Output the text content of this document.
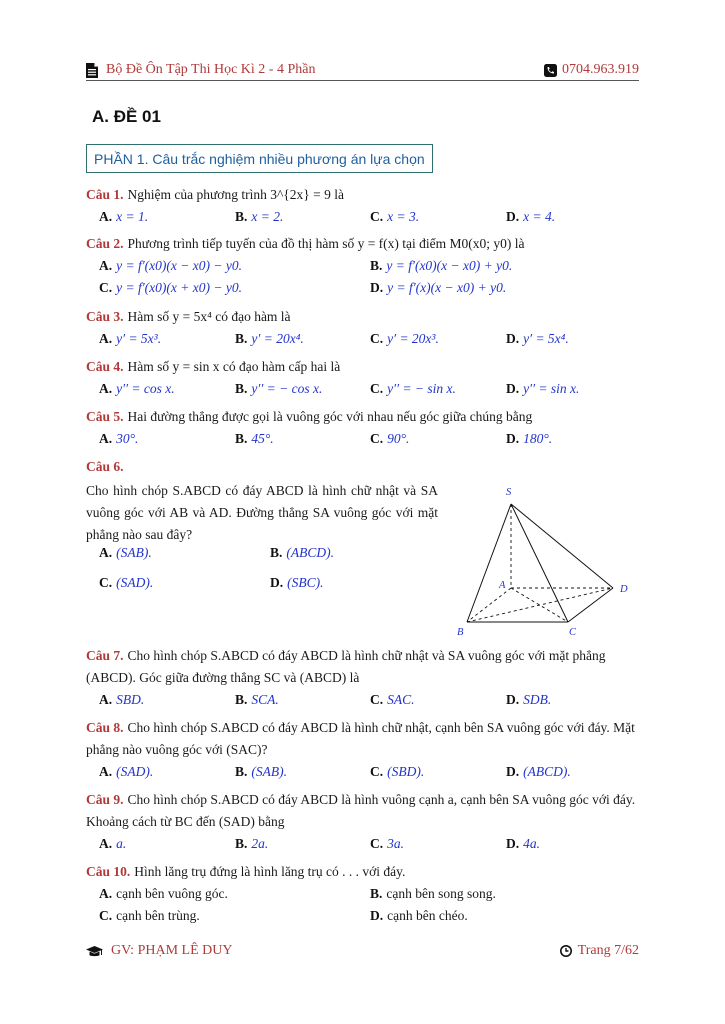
Bộ Đề Ôn Tập Thi Học Kì 2 - 4 Phần	0704.963.919
A. ĐỀ 01
PHẦN 1. Câu trắc nghiệm nhiều phương án lựa chọn
Câu 1. Nghiệm của phương trình 3^{2x} = 9 là
A. x = 1.	B. x = 2.	C. x = 3.	D. x = 4.
Câu 2. Phương trình tiếp tuyến của đồ thị hàm số y = f(x) tại điểm M0(x0; y0) là
A. y = f′(x0)(x − x0) − y0.	B. y = f′(x0)(x − x0) + y0.
C. y = f′(x0)(x + x0) − y0.	D. y = f′(x)(x − x0) + y0.
Câu 3. Hàm số y = 5x⁴ có đạo hàm là
A. y′ = 5x³.	B. y′ = 20x⁴.	C. y′ = 20x³.	D. y′ = 5x⁴.
Câu 4. Hàm số y = sin x có đạo hàm cấp hai là
A. y′′ = cos x.	B. y′′ = − cos x.	C. y′′ = − sin x.	D. y′′ = sin x.
Câu 5. Hai đường thẳng được gọi là vuông góc với nhau nếu góc giữa chúng bằng
A. 30°.	B. 45°.	C. 90°.	D. 180°.
Câu 6.
Cho hình chóp S.ABCD có đáy ABCD là hình chữ nhật và SA vuông góc với AB và AD. Đường thẳng SA vuông góc với mặt phẳng nào sau đây?
A. (SAB).	B. (ABCD).
C. (SAD).	D. (SBC).
S
A
B	C
D
Câu 7. Cho hình chóp S.ABCD có đáy ABCD là hình chữ nhật và SA vuông góc với mặt phẳng (ABCD). Góc giữa đường thẳng SC và (ABCD) là
A. SBD.	B. SCA.	C. SAC.	D. SDB.
Câu 8. Cho hình chóp S.ABCD có đáy ABCD là hình chữ nhật, cạnh bên SA vuông góc với đáy. Mặt phẳng nào vuông góc với (SAC)?
A. (SAD).	B. (SAB).	C. (SBD).	D. (ABCD).
Câu 9. Cho hình chóp S.ABCD có đáy ABCD là hình vuông cạnh a, cạnh bên SA vuông góc với đáy. Khoảng cách từ BC đến (SAD) bằng
A. a.	B. 2a.	C. 3a.	D. 4a.
Câu 10. Hình lăng trụ đứng là hình lăng trụ có . . . với đáy.
A. cạnh bên vuông góc.	B. cạnh bên song song.
C. cạnh bên trùng.	D. cạnh bên chéo.
GV: PHẠM LÊ DUY	Trang 7/62
